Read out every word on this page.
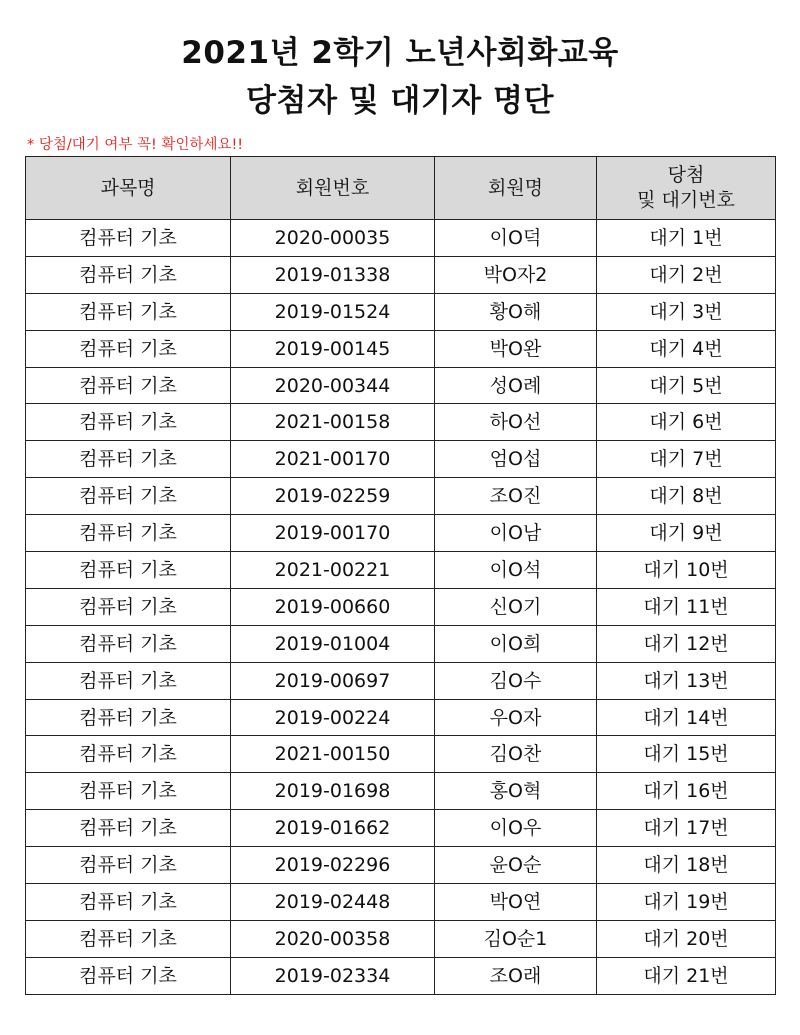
2021년 2학기 노년사회화교육
당첨자 및 대기자 명단
* 당첨/대기 여부 꼭! 확인하세요!!
과목명	회원번호	회원명	당첨
및 대기번호

컴퓨터 기초	2020-00035	이O덕	대기 1번
컴퓨터 기초	2019-01338	박O자2	대기 2번
컴퓨터 기초	2019-01524	황O해	대기 3번
컴퓨터 기초	2019-00145	박O완	대기 4번
컴퓨터 기초	2020-00344	성O례	대기 5번
컴퓨터 기초	2021-00158	하O선	대기 6번
컴퓨터 기초	2021-00170	엄O섭	대기 7번
컴퓨터 기초	2019-02259	조O진	대기 8번
컴퓨터 기초	2019-00170	이O남	대기 9번
컴퓨터 기초	2021-00221	이O석	대기 10번
컴퓨터 기초	2019-00660	신O기	대기 11번
컴퓨터 기초	2019-01004	이O희	대기 12번
컴퓨터 기초	2019-00697	김O수	대기 13번
컴퓨터 기초	2019-00224	우O자	대기 14번
컴퓨터 기초	2021-00150	김O찬	대기 15번
컴퓨터 기초	2019-01698	홍O혁	대기 16번
컴퓨터 기초	2019-01662	이O우	대기 17번
컴퓨터 기초	2019-02296	윤O순	대기 18번
컴퓨터 기초	2019-02448	박O연	대기 19번
컴퓨터 기초	2020-00358	김O순1	대기 20번
컴퓨터 기초	2019-02334	조O래	대기 21번
